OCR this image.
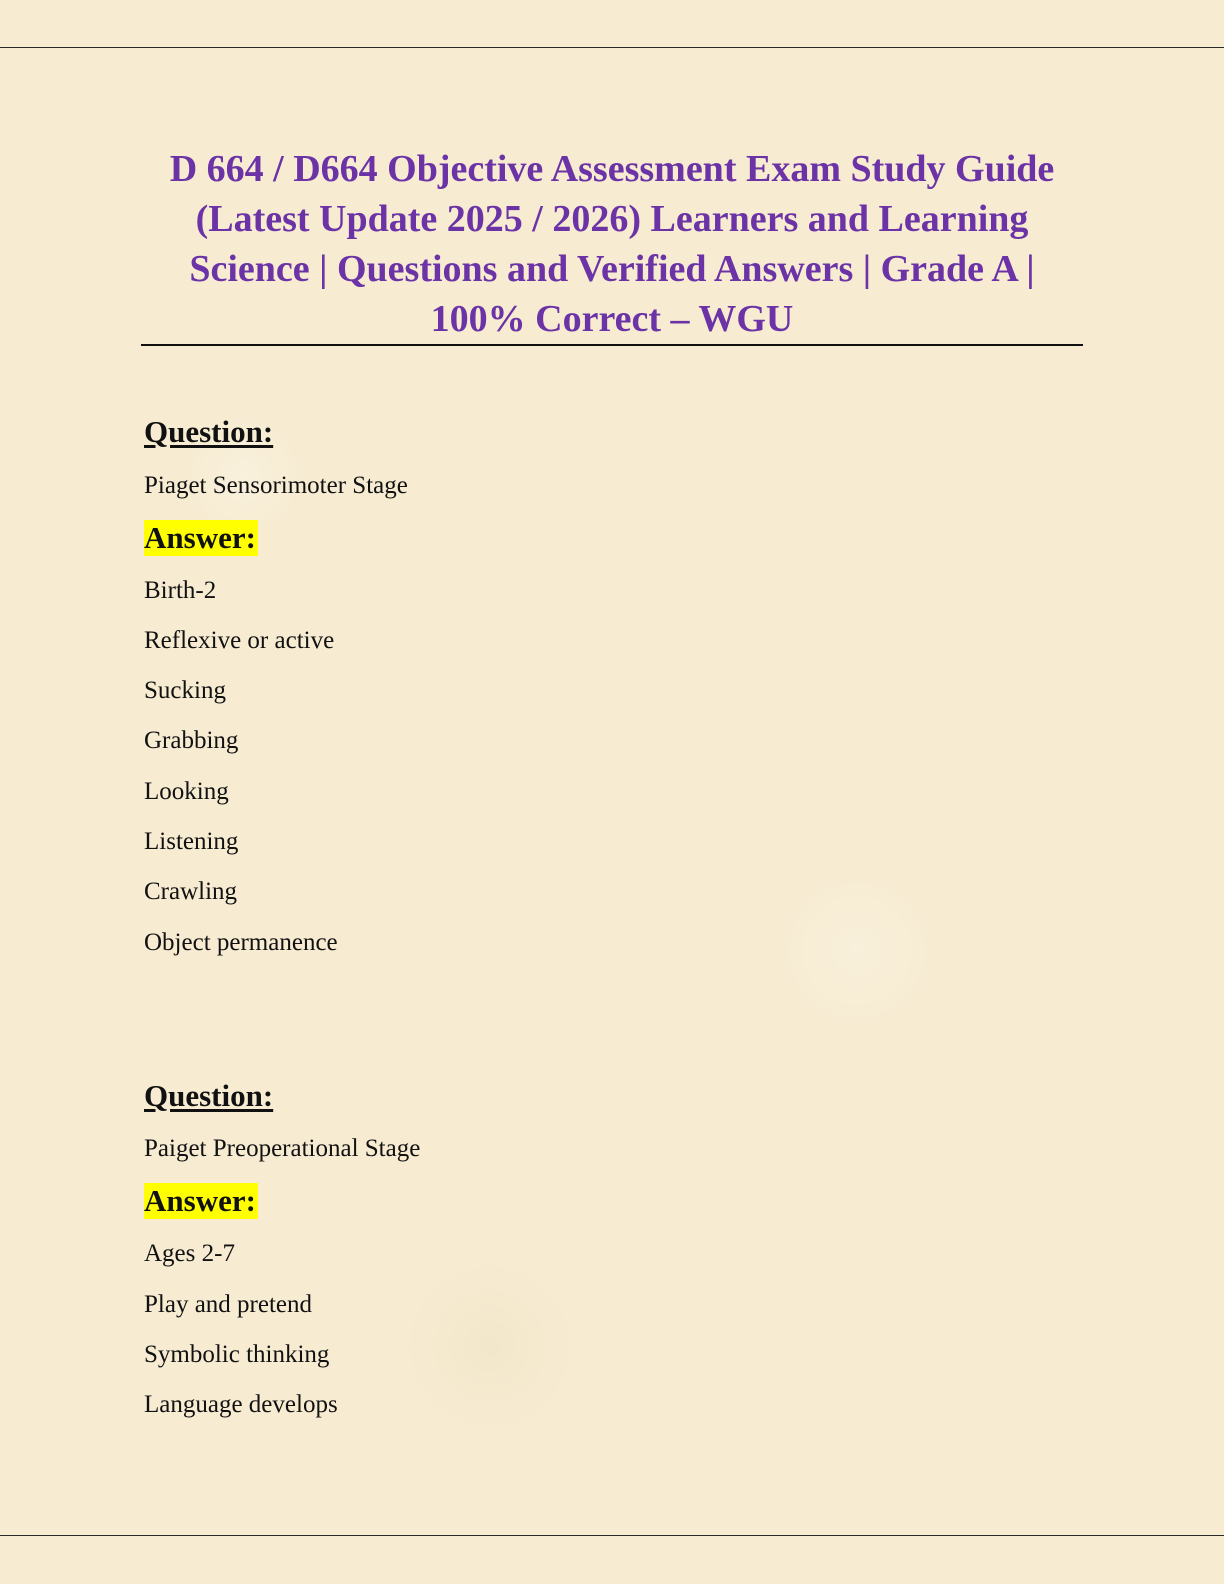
D 664 / D664 Objective Assessment Exam Study Guide
(Latest Update 2025 / 2026) Learners and Learning
Science | Questions and Verified Answers | Grade A |
100% Correct – WGU
Question:
Piaget Sensorimoter Stage
Answer:
Birth-2
Reflexive or active
Sucking
Grabbing
Looking
Listening
Crawling
Object permanence
Question:
Paiget Preoperational Stage
Answer:
Ages 2-7
Play and pretend
Symbolic thinking
Language develops
